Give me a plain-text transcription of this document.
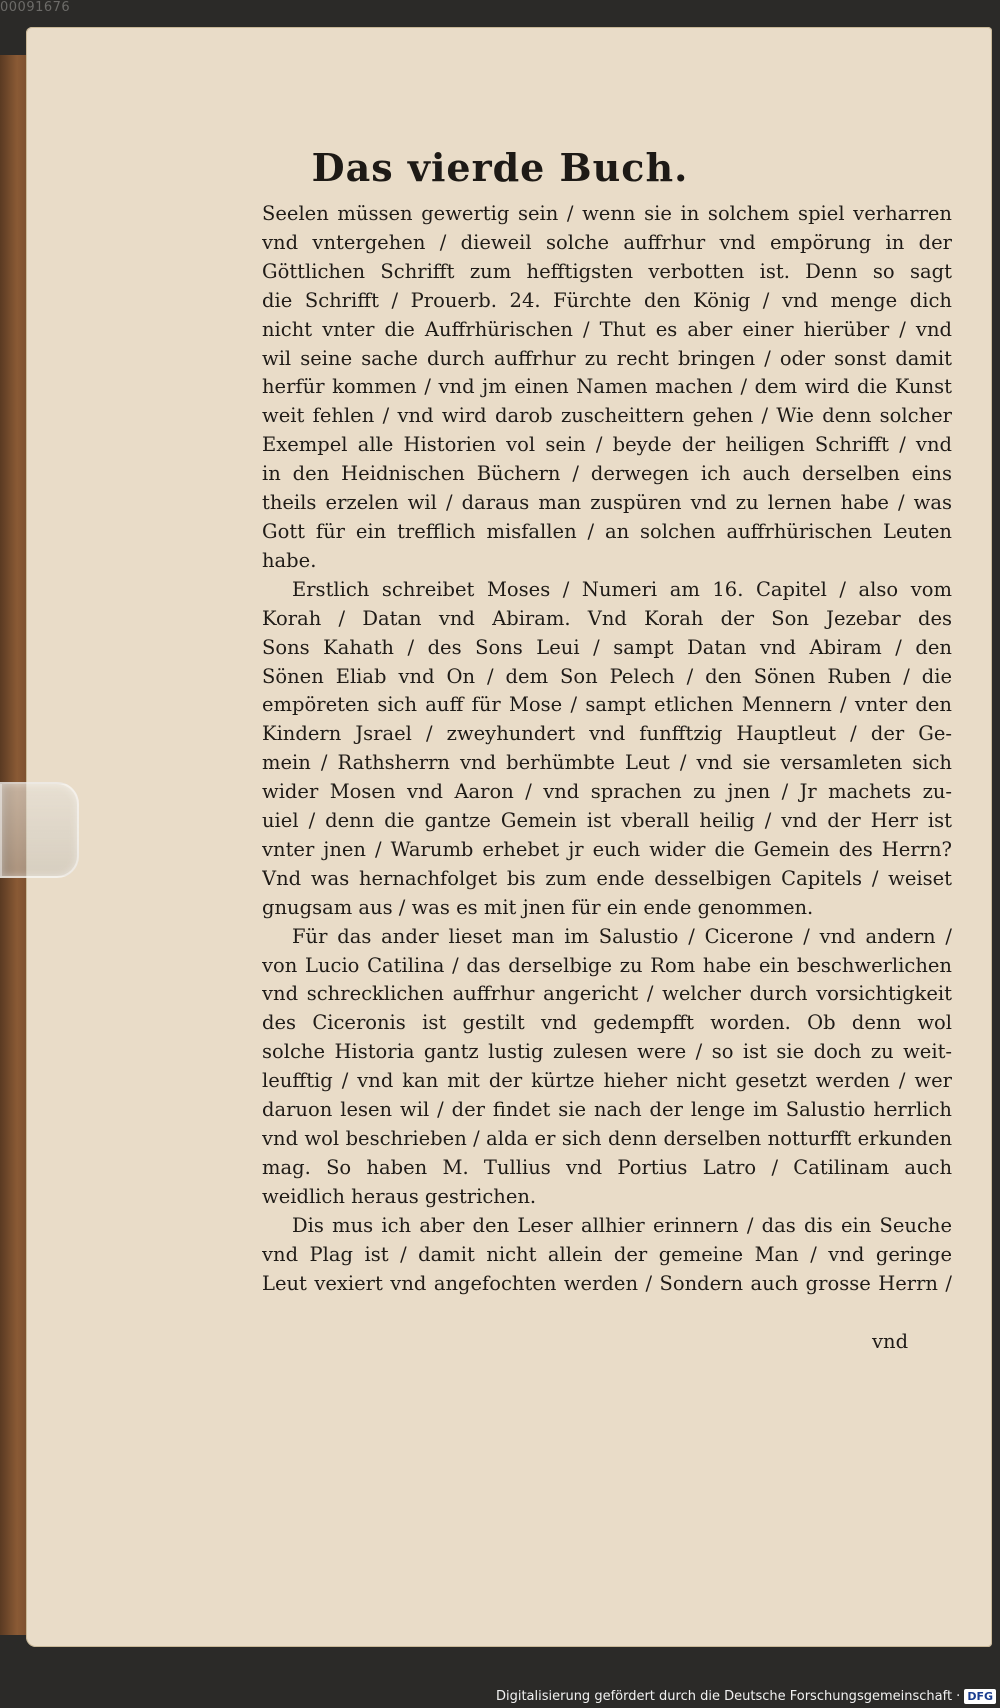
00091676
Das vierde Buch.
Seelen müssen gewertig sein / wenn sie in solchem spiel verharren
vnd vntergehen / dieweil solche auffrhur vnd empörung in der
Göttlichen Schrifft zum hefftigsten verbotten ist. Denn so sagt
die Schrifft / Prouerb. 24. Fürchte den König / vnd menge dich
nicht vnter die Auffrhürischen / Thut es aber einer hierüber / vnd
wil seine sache durch auffrhur zu recht bringen / oder sonst damit
herfür kommen / vnd jm einen Namen machen / dem wird die Kunst
weit fehlen / vnd wird darob zuscheittern gehen / Wie denn solcher
Exempel alle Historien vol sein / beyde der heiligen Schrifft / vnd
in den Heidnischen Büchern / derwegen ich auch derselben eins
theils erzelen wil / daraus man zuspüren vnd zu lernen habe / was
Gott für ein trefflich misfallen / an solchen auffrhürischen Leuten
habe.
Erstlich schreibet Moses / Numeri am 16. Capitel / also vom
Korah / Datan vnd Abiram. Vnd Korah der Son Jezebar des
Sons Kahath / des Sons Leui / sampt Datan vnd Abiram / den
Sönen Eliab vnd On / dem Son Pelech / den Sönen Ruben / die
empöreten sich auff für Mose / sampt etlichen Mennern / vnter den
Kindern Jsrael / zweyhundert vnd funfftzig Hauptleut / der Ge-
mein / Rathsherrn vnd berhümbte Leut / vnd sie versamleten sich
wider Mosen vnd Aaron / vnd sprachen zu jnen / Jr machets zu-
uiel / denn die gantze Gemein ist vberall heilig / vnd der Herr ist
vnter jnen / Warumb erhebet jr euch wider die Gemein des Herrn?
Vnd was hernachfolget bis zum ende desselbigen Capitels / weiset
gnugsam aus / was es mit jnen für ein ende genommen.
Für das ander lieset man im Salustio / Cicerone / vnd andern /
von Lucio Catilina / das derselbige zu Rom habe ein beschwerlichen
vnd schrecklichen auffrhur angericht / welcher durch vorsichtigkeit
des Ciceronis ist gestilt vnd gedempfft worden. Ob denn wol
solche Historia gantz lustig zulesen were / so ist sie doch zu weit-
leufftig / vnd kan mit der kürtze hieher nicht gesetzt werden / wer
daruon lesen wil / der findet sie nach der lenge im Salustio herrlich
vnd wol beschrieben / alda er sich denn derselben notturfft erkunden
mag. So haben M. Tullius vnd Portius Latro / Catilinam auch
weidlich heraus gestrichen.
Dis mus ich aber den Leser allhier erinnern / das dis ein Seuche
vnd Plag ist / damit nicht allein der gemeine Man / vnd geringe
Leut vexiert vnd angefochten werden / Sondern auch grosse Herrn /
vnd
Digitalisierung gefördert durch die Deutsche Forschungsgemeinschaft · DFG
